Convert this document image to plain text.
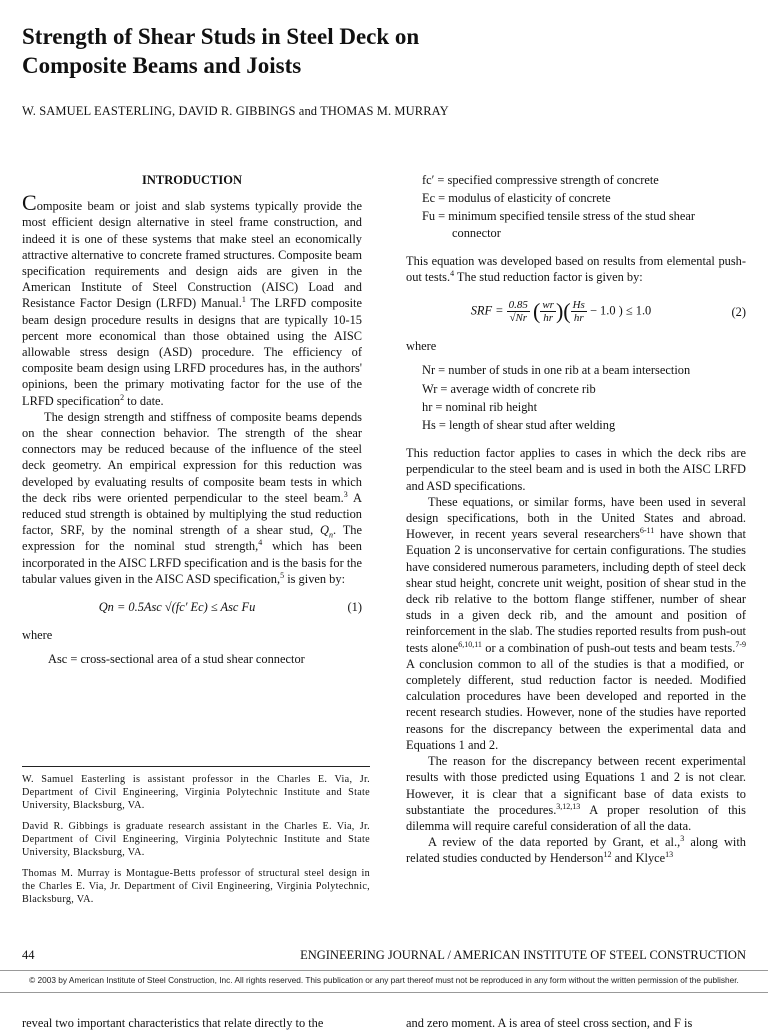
Strength of Shear Studs in Steel Deck on
Composite Beams and Joists
W. SAMUEL EASTERLING, DAVID R. GIBBINGS and THOMAS M. MURRAY
INTRODUCTION

Composite beam or joist and slab systems typically provide the most efficient design alternative in steel frame construction, and indeed it is one of these systems that make steel an economically attractive alternative to concrete framed structures. Composite beam specification requirements and design aids are given in the American Institute of Steel Construction (AISC) Load and Resistance Factor Design (LRFD) Manual.$^1$ The LRFD composite beam design procedure results in designs that are typically 10-15 percent more economical than those obtained using the AISC allowable stress design (ASD) procedure. The efficiency of composite beam design using LRFD procedures has, in the authors' opinions, been the primary motivating factor for the use of the LRFD specification$^2$ to date.

The design strength and stiffness of composite beams depends on the shear connection behavior. The strength of the shear connectors may be reduced because of the influence of the steel deck geometry. An empirical expression for this reduction was developed by evaluating results of composite beam tests in which the deck ribs were oriented perpendicular to the steel beam.$^3$ A reduced stud strength is obtained by multiplying the stud reduction factor, SRF, by the nominal strength of a shear stud, $Q_n$. The expression for the nominal stud strength,$^4$ which has been incorporated in the AISC LRFD specification and is the basis for the tabular values given in the AISC ASD specification,$^5$ is given by:

Qn = 0.5Asc √(fc′ Ec) ≤ Asc Fu	(1)
where
Asc = cross-sectional area of a stud shear connector
fc′ = specified compressive strength of concrete
Ec = modulus of elasticity of concrete
Fu = minimum specified tensile stress of the stud shear connector

This equation was developed based on results from elemental push-out tests.$^4$ The stud reduction factor is given by:

SRF = $\frac{0.85}{√Nr}$ ( $\frac{wr}{hr}$ )( $\frac{Hs}{hr} - 1.0$ ) ≤ 1.0	(2)
where
Nr = number of studs in one rib at a beam intersection
Wr = average width of concrete rib
hr = nominal rib height
Hs = length of shear stud after welding

This reduction factor applies to cases in which the deck ribs are perpendicular to the steel beam and is used in both the AISC LRFD and ASD specifications.

These equations, or similar forms, have been used in several design specifications, both in the United States and abroad. However, in recent years several researchers$^{6-11}$ have shown that Equation 2 is unconservative for certain configurations. The studies have considered numerous parameters, including depth of steel deck shear stud height, concrete unit weight, position of shear stud in the deck rib relative to the bottom flange stiffener, number of shear studs in a given deck rib, and the amount and position of reinforcement in the slab. The studies reported results from push-out tests alone$^{6,10,11}$ or a combination of push-out tests and beam tests.$^{7-9}$ A conclusion common to all of the studies is that a modified, or completely different, stud reduction factor is needed. Modified calculation procedures have been developed and reported in the recent research studies. However, none of the studies have reported reasons for the discrepancy between the experimental data and Equations 1 and 2.

The reason for the discrepancy between recent experimental results with those predicted using Equations 1 and 2 is not clear. However, it is clear that a significant base of data exists to substantiate the procedures.$^{3,12,13}$ A proper resolution of this dilemma will require careful consideration of all the data.

A review of the data reported by Grant, et al.,$^3$ along with related studies conducted by Henderson$^{12}$ and Klyce$^{13}$

W. Samuel Easterling is assistant professor in the Charles E. Via, Jr. Department of Civil Engineering, Virginia Polytechnic Institute and State University, Blacksburg, VA.

David R. Gibbings is graduate research assistant in the Charles E. Via, Jr. Department of Civil Engineering, Virginia Polytechnic Institute and State University, Blacksburg, VA.

Thomas M. Murray is Montague-Betts professor of structural steel design in the Charles E. Via, Jr. Department of Civil Engineering, Virginia Polytechnic, Blacksburg, VA.

44	ENGINEERING JOURNAL / AMERICAN INSTITUTE OF STEEL CONSTRUCTION
© 2003 by American Institute of Steel Construction, Inc. All rights reserved. This publication or any part thereof must not be reproduced in any form without the written permission of the publisher.
reveal two important characteristics that relate directly to the	and zero moment. A is area of steel cross section, and F is
